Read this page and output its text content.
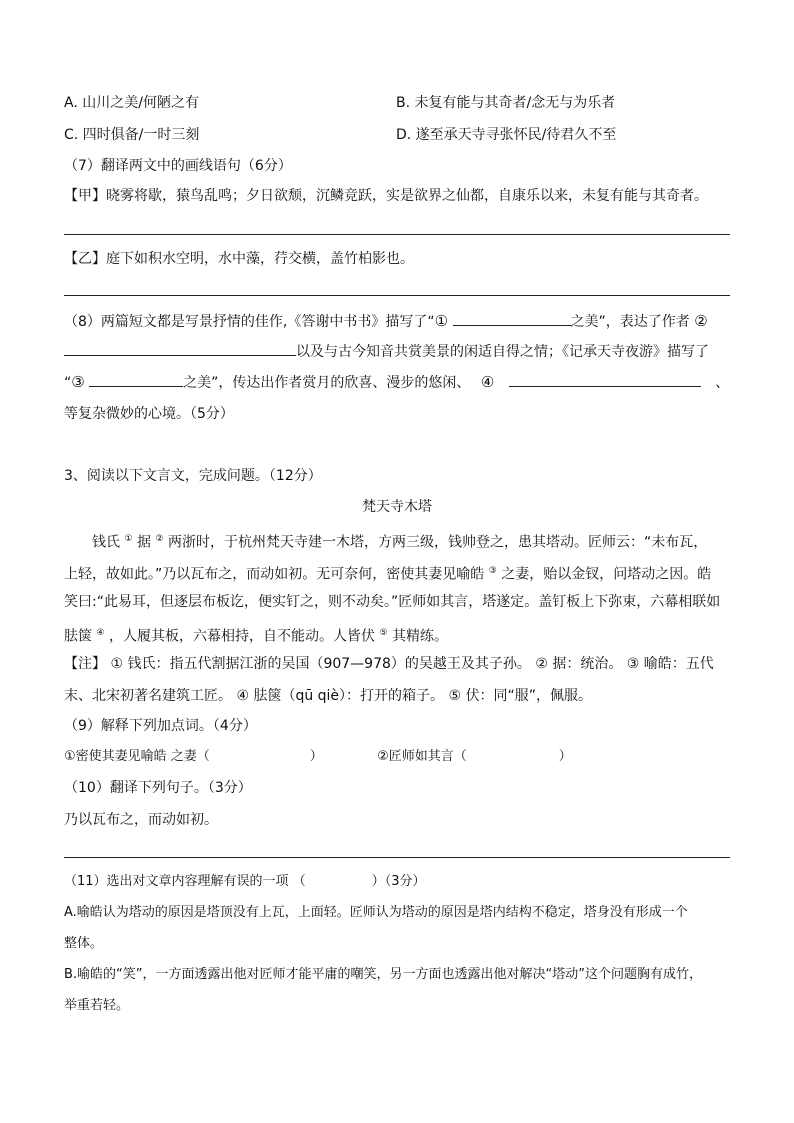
A. 山川之美/何陋之有	B. 未复有能与其奇者/念无与为乐者
C. 四时俱备/一时三刻	D. 遂至承天寺寻张怀民/待君久不至
（7）翻译两文中的画线语句（6分）
【甲】晓雾将歇，猿鸟乱鸣；夕日欲颓，沉鳞竞跃，实是欲界之仙都，自康乐以来，未复有能与其奇者。
【乙】庭下如积水空明，水中藻，荇交横，盖竹柏影也。
（8）两篇短文都是写景抒情的佳作,《答谢中书书》描写了“①	之美”，表达了作者 ②
以及与古今知音共赏美景的闲适自得之情；《记承天寺夜游》描写了
“③	之美”，传达出作者赏月的欣喜、漫步的悠闲、 ④	、
等复杂微妙的心境。（5分）
3、阅读以下文言文，完成问题。（12分）
梵天寺木塔
钱氏 ① 据 ② 两浙时，于杭州梵天寺建一木塔，方两三级，钱帅登之，患其塔动。匠师云：“未布瓦，
上轻，故如此。”乃以瓦布之，而动如初。无可奈何，密使其妻见喻皓 ③ 之妻，贻以金钗，问塔动之因。皓
笑曰:“此易耳，但逐层布板讫，便实钉之，则不动矣。”匠师如其言，塔遂定。盖钉板上下弥束，六幕相联如
胠箧 ④ ，人履其板，六幕相持，自不能动。人皆伏 ⑤ 其精练。
【注】 ① 钱氏：指五代割据江浙的吴国（907—978）的吴越王及其子孙。 ② 据：统治。 ③ 喻皓：五代
末、北宋初著名建筑工匠。 ④ 胠箧（qū qiè）：打开的箱子。 ⑤ 伏：同“服”，佩服。
（9）解释下列加点词。（4分）
①密使其妻见喻皓 之妻（	）	②匠师如其言（	）
（10）翻译下列句子。（3分）
乃以瓦布之，而动如初。
（11）选出对文章内容理解有误的一项 （	）（3分）
A.喻皓认为塔动的原因是塔顶没有上瓦，上面轻。匠师认为塔动的原因是塔内结构不稳定，塔身没有形成一个
整体。
B.喻皓的“笑”，一方面透露出他对匠师才能平庸的嘲笑，另一方面也透露出他对解决“塔动”这个问题胸有成竹，
举重若轻。
